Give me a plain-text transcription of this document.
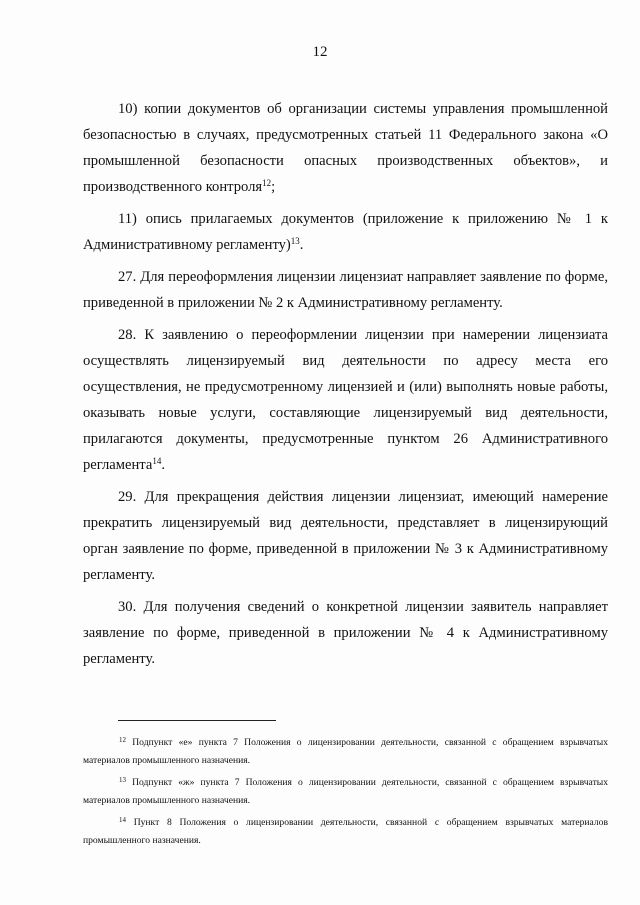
12

10) копии документов об организации системы управления промышленной безопасностью в случаях, предусмотренных статьей 11 Федерального закона «О промышленной безопасности опасных производственных объектов», и производственного контроля$^{12}$;

11) опись прилагаемых документов (приложение к приложению № 1 к Административному регламенту)$^{13}$.

27. Для переоформления лицензии лицензиат направляет заявление по форме, приведенной в приложении № 2 к Административному регламенту.

28. К заявлению о переоформлении лицензии при намерении лицензиата осуществлять лицензируемый вид деятельности по адресу места его осуществления, не предусмотренному лицензией и (или) выполнять новые работы, оказывать новые услуги, составляющие лицензируемый вид деятельности, прилагаются документы, предусмотренные пунктом 26 Административного регламента$^{14}$.

29. Для прекращения действия лицензии лицензиат, имеющий намерение прекратить лицензируемый вид деятельности, представляет в лицензирующий орган заявление по форме, приведенной в приложении № 3 к Административному регламенту.

30. Для получения сведений о конкретной лицензии заявитель направляет заявление по форме, приведенной в приложении № 4 к Административному регламенту.

$^{12}$ Подпункт «е» пункта 7 Положения о лицензировании деятельности, связанной с обращением взрывчатых материалов промышленного назначения.

$^{13}$ Подпункт «ж» пункта 7 Положения о лицензировании деятельности, связанной с обращением взрывчатых материалов промышленного назначения.

$^{14}$ Пункт 8 Положения о лицензировании деятельности, связанной с обращением взрывчатых материалов промышленного назначения.
